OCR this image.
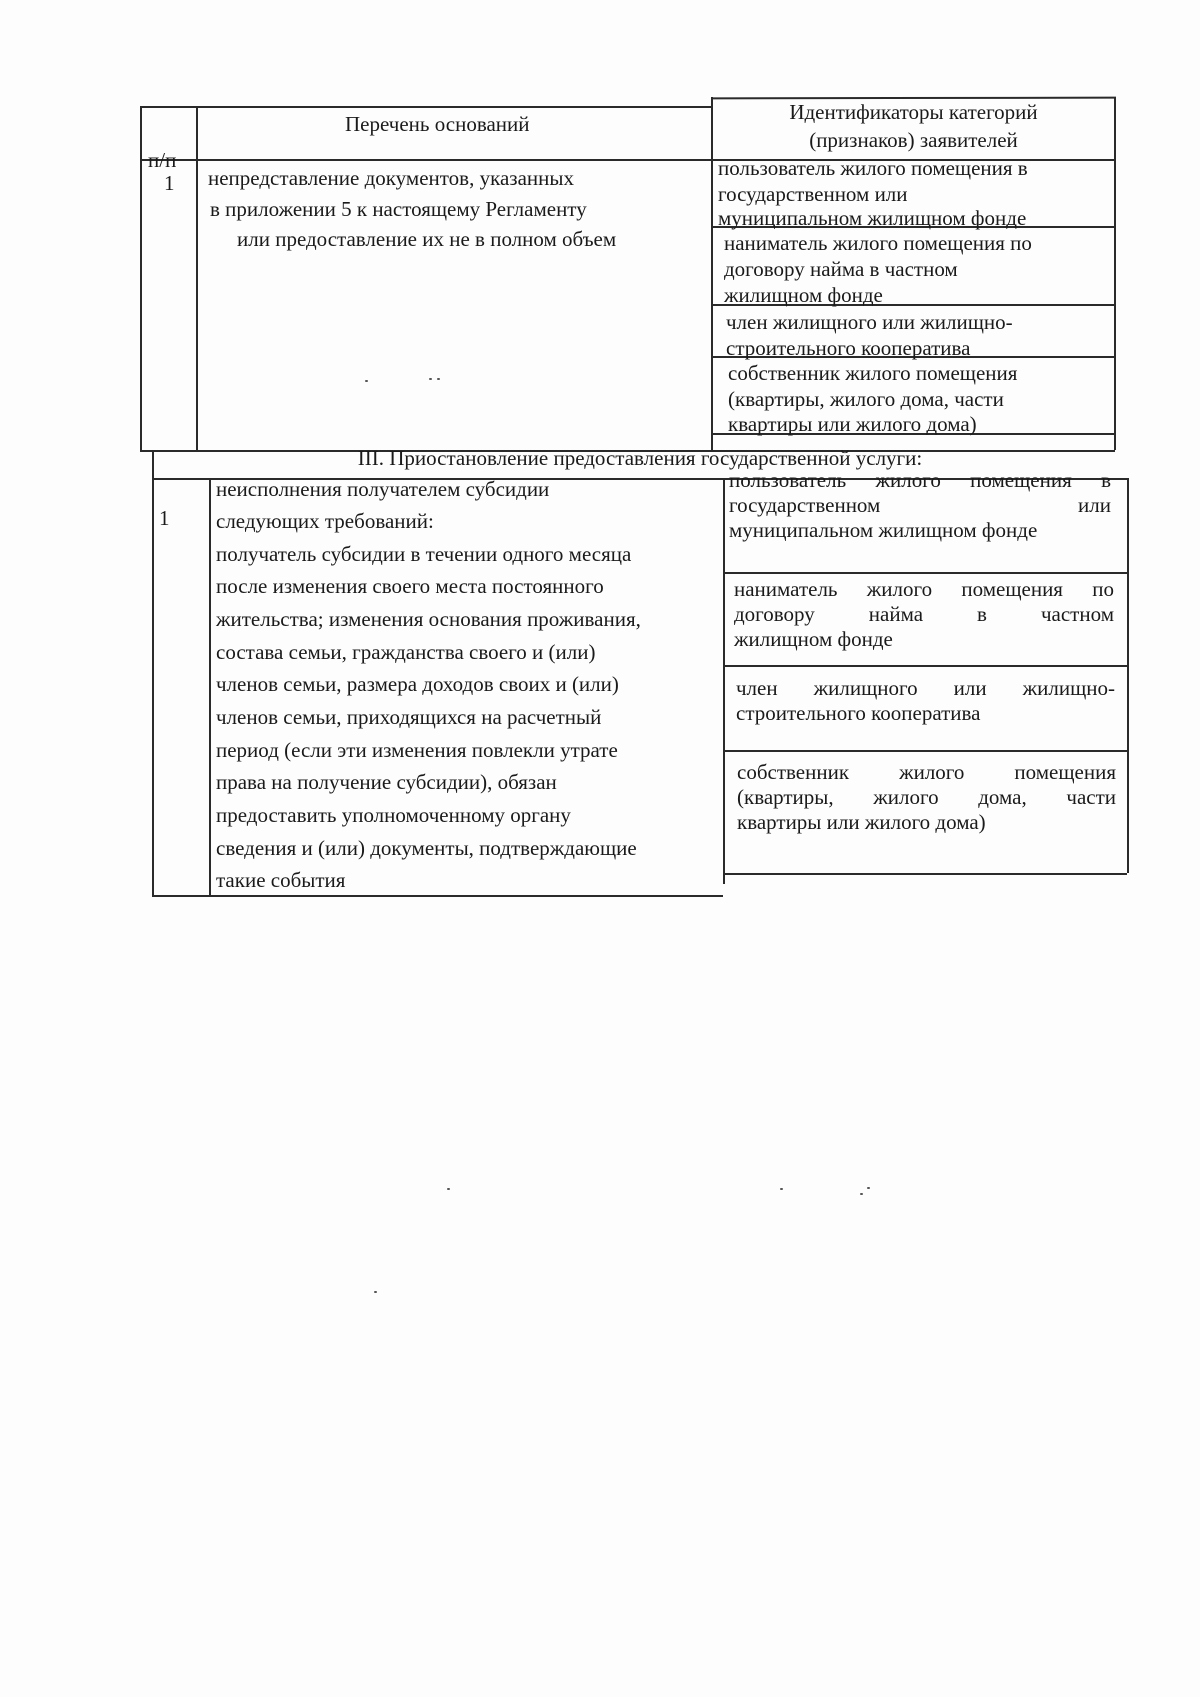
п/п

Перечень оснований	Идентификаторы категорий

(признаков) заявителей

1 непредставление документов, указанных

в приложении 5 к настоящему Регламенту

или предоставление их не в полном объем

пользователь жилого помещения в

государственном или

муниципальном жилищном фонде

наниматель жилого помещения по

договору найма в частном

жилищном фонде

член жилищного или жилищно-

строительного кооператива

собственник жилого помещения

(квартиры, жилого дома, части

квартиры или жилого дома)

III. Приостановление предоставления государственной услуги:

1

неисполнения получателем субсидии

следующих требований:

получатель субсидии в течении одного месяца

после изменения своего места постоянного

жительства; изменения основания проживания,

состава семьи, гражданства своего и (или)

членов семьи, размера доходов своих и (или)

членов семьи, приходящихся на расчетный

период (если эти изменения повлекли утрате

права на получение субсидии), обязан

предоставить уполномоченному органу

сведения и (или) документы, подтверждающие

такие события

пользователь жилого помещения в

государственном или

муниципальном жилищном фонде

наниматель жилого помещения по

договору найма в частном

жилищном фонде

член жилищного или жилищно-

строительного кооператива

собственник жилого помещения

(квартиры, жилого дома, части

квартиры или жилого дома)
